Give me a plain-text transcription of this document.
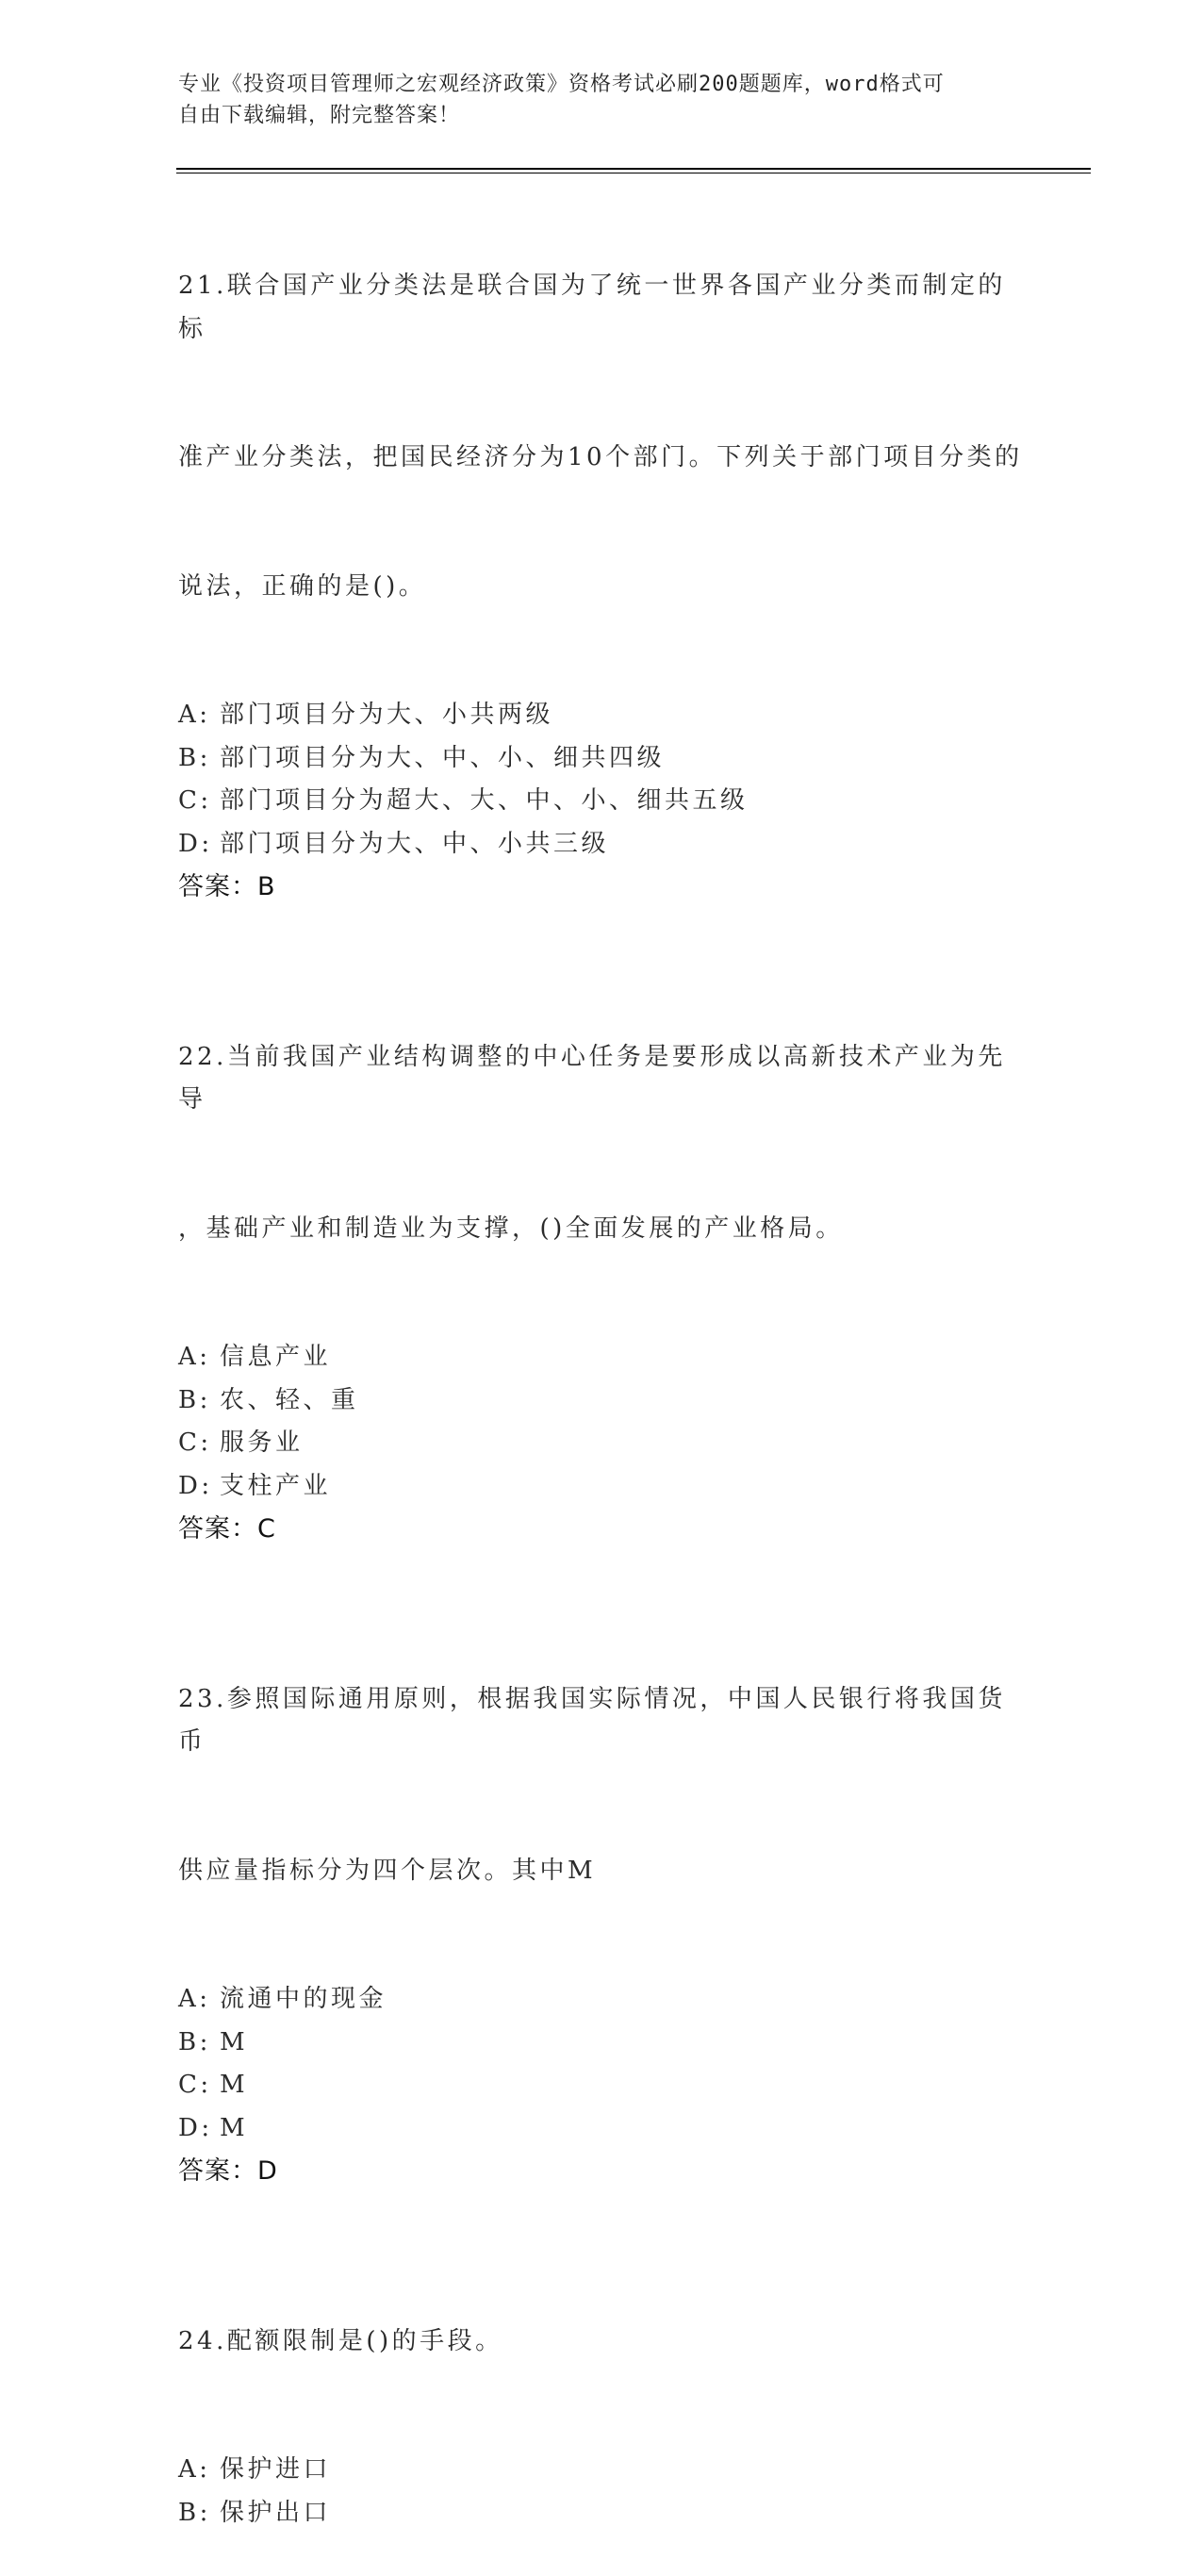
专业《投资项目管理师之宏观经济政策》资格考试必刷200题题库，word格式可
自由下载编辑，附完整答案！

21.联合国产业分类法是联合国为了统一世界各国产业分类而制定的标

准产业分类法，把国民经济分为10个部门。下列关于部门项目分类的

说法，正确的是()。

A: 部门项目分为大、小共两级
B: 部门项目分为大、中、小、细共四级
C: 部门项目分为超大、大、中、小、细共五级
D: 部门项目分为大、中、小共三级
答案：B

22.当前我国产业结构调整的中心任务是要形成以高新技术产业为先导

，基础产业和制造业为支撑，()全面发展的产业格局。

A: 信息产业
B: 农、轻、重
C: 服务业
D: 支柱产业
答案：C

23.参照国际通用原则，根据我国实际情况，中国人民银行将我国货币

供应量指标分为四个层次。其中M

A: 流通中的现金
B: M
C: M
D: M
答案：D

24.配额限制是()的手段。

A: 保护进口
B: 保护出口
